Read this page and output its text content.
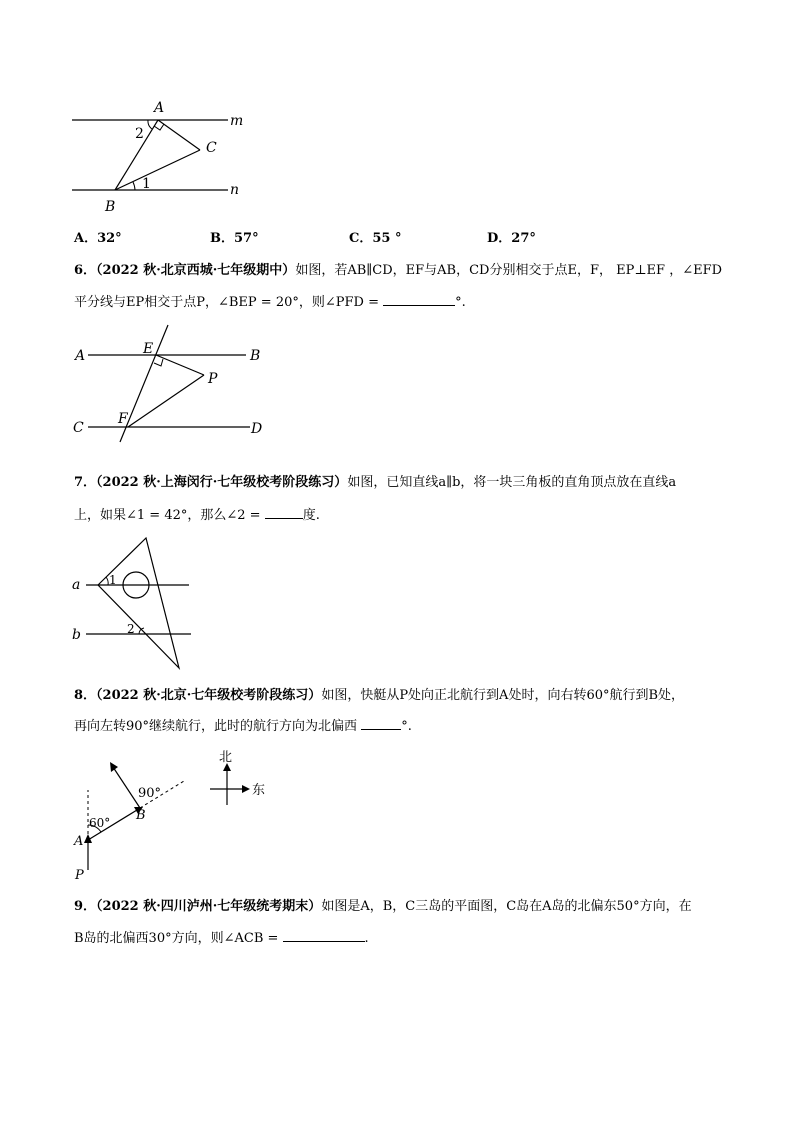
A
m
2
C
1	n
B
A．32°	B．57°	C．55 °	D．27°
6．（2022 秋·北京西城·七年级期中）如图，若AB∥CD，EF与AB，CD分别相交于点E，F， EP⊥EF ，∠EFD
平分线与EP相交于点P，∠BEP = 20°，则∠PFD =	°.
A	E	B
P
F
C	D
7．（2022 秋·上海闵行·七年级校考阶段练习）如图，已知直线a∥b，将一块三角板的直角顶点放在直线a
上，如果∠1 = 42°，那么∠2 =	度.
a
b
1
2
8．（2022 秋·北京·七年级校考阶段练习）如图，快艇从P处向正北航行到A处时，向右转60°航行到B处，
再向左转90°继续航行，此时的航行方向为北偏西	°.
90°
B
60°
A
P
北
东
9．（2022 秋·四川泸州·七年级统考期末）如图是A，B，C三岛的平面图，C岛在A岛的北偏东50°方向，在
B岛的北偏西30°方向，则∠ACB =	.
